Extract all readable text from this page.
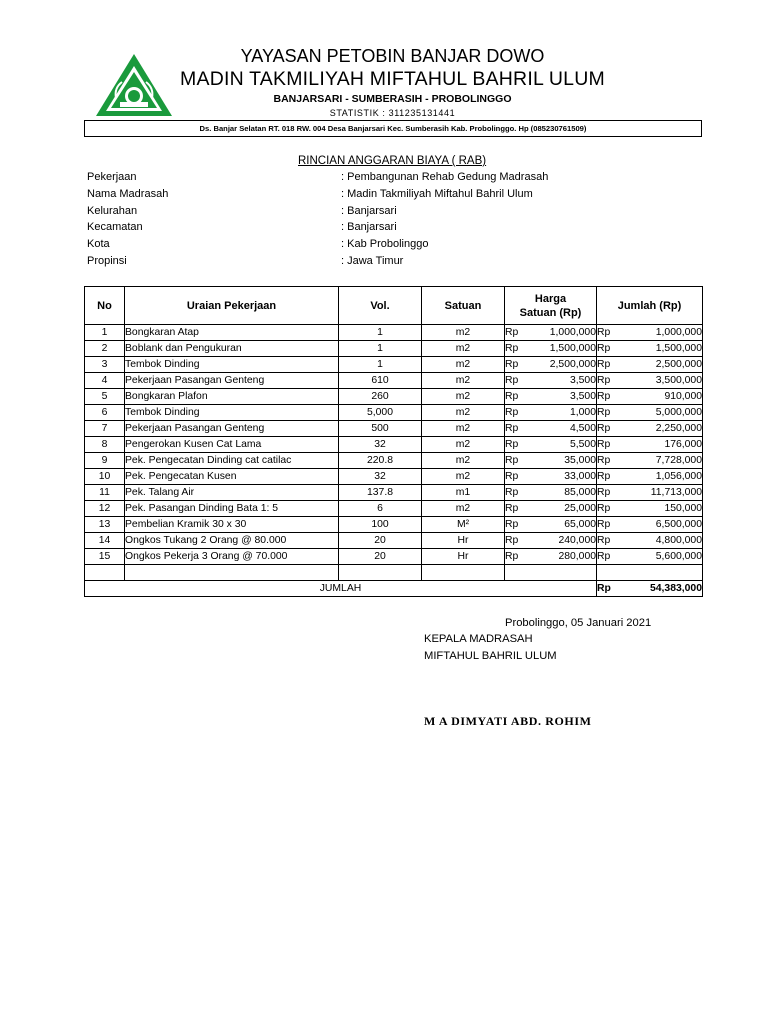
YAYASAN PETOBIN BANJAR DOWO
MADIN TAKMILIYAH MIFTAHUL BAHRIL ULUM
BANJARSARI - SUMBERASIH - PROBOLINGGO
STATISTIK : 311235131441
Ds. Banjar Selatan RT. 018 RW. 004 Desa Banjarsari Kec. Sumberasih Kab. Probolinggo. Hp (085230761509)
RINCIAN ANGGARAN BIAYA ( RAB)
Pekerjaan	: Pembangunan Rehab Gedung Madrasah
Nama Madrasah	: Madin Takmiliyah Miftahul Bahril Ulum
Kelurahan	: Banjarsari
Kecamatan	: Banjarsari
Kota	: Kab Probolinggo
Propinsi	: Jawa Timur
No	Uraian Pekerjaan	Vol.	Satuan	Harga Satuan (Rp)		Jumlah (Rp)	
1	Bongkaran Atap	1	m2	Rp	1,000,000	Rp	1,000,000
2	Boblank dan Pengukuran	1	m2	Rp	1,500,000	Rp	1,500,000
3	Tembok Dinding	1	m2	Rp	2,500,000	Rp	2,500,000
4	Pekerjaan Pasangan Genteng	610	m2	Rp	3,500	Rp	3,500,000
5	Bongkaran Plafon	260	m2	Rp	3,500	Rp	910,000
6	Tembok Dinding	5,000	m2	Rp	1,000	Rp	5,000,000
7	Pekerjaan Pasangan Genteng	500	m2	Rp	4,500	Rp	2,250,000
8	Pengerokan Kusen Cat Lama	32	m2	Rp	5,500	Rp	176,000
9	Pek. Pengecatan Dinding cat catilac	220.8	m2	Rp	35,000	Rp	7,728,000
10	Pek. Pengecatan Kusen	32	m2	Rp	33,000	Rp	1,056,000
11	Pek. Talang Air	137.8	m1	Rp	85,000	Rp	11,713,000
12	Pek. Pasangan Dinding Bata 1: 5	6	m2	Rp	25,000	Rp	150,000
13	Pembelian Kramik 30 x 30	100	M²	Rp	65,000	Rp	6,500,000
14	Ongkos Tukang 2 Orang @ 80.000	20	Hr	Rp	240,000	Rp	4,800,000
15	Ongkos Pekerja 3 Orang @ 70.000	20	Hr	Rp	280,000	Rp	5,600,000

JUMLAH						Rp	54,383,000
Probolinggo, 05 Januari 2021
KEPALA MADRASAH
MIFTAHUL BAHRIL ULUM
M A DIMYATI ABD. ROHIM
